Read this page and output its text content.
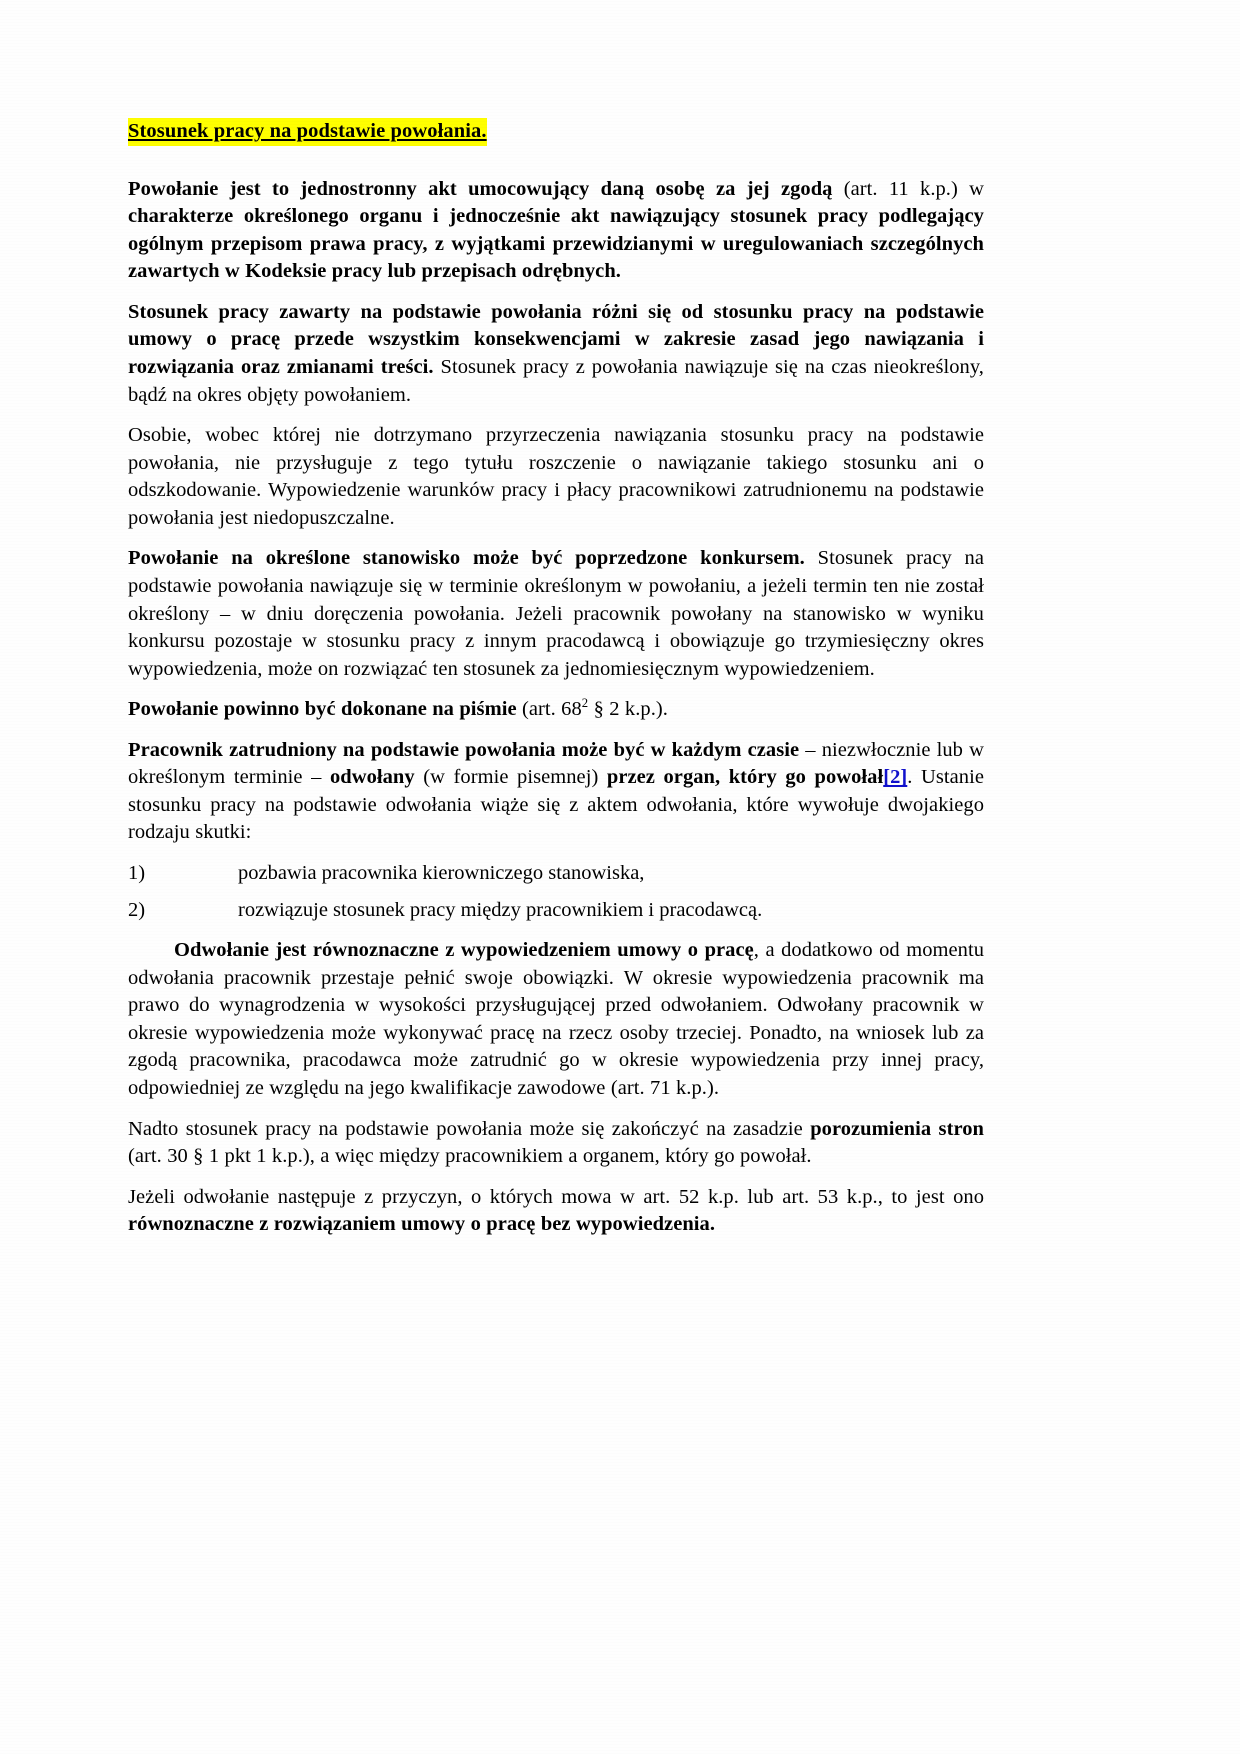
Stosunek pracy na podstawie powołania.

Powołanie jest to jednostronny akt umocowujący daną osobę za jej zgodą (art. 11 k.p.) w charakterze określonego organu i jednocześnie akt nawiązujący stosunek pracy podlegający ogólnym przepisom prawa pracy, z wyjątkami przewidzianymi w uregulowaniach szczególnych zawartych w Kodeksie pracy lub przepisach odrębnych.

Stosunek pracy zawarty na podstawie powołania różni się od stosunku pracy na podstawie umowy o pracę przede wszystkim konsekwencjami w zakresie zasad jego nawiązania i rozwiązania oraz zmianami treści. Stosunek pracy z powołania nawiązuje się na czas nieokreślony, bądź na okres objęty powołaniem.

Osobie, wobec której nie dotrzymano przyrzeczenia nawiązania stosunku pracy na podstawie powołania, nie przysługuje z tego tytułu roszczenie o nawiązanie takiego stosunku ani o odszkodowanie. Wypowiedzenie warunków pracy i płacy pracownikowi zatrudnionemu na podstawie powołania jest niedopuszczalne.

Powołanie na określone stanowisko może być poprzedzone konkursem. Stosunek pracy na podstawie powołania nawiązuje się w terminie określonym w powołaniu, a jeżeli termin ten nie został określony – w dniu doręczenia powołania. Jeżeli pracownik powołany na stanowisko w wyniku konkursu pozostaje w stosunku pracy z innym pracodawcą i obowiązuje go trzymiesięczny okres wypowiedzenia, może on rozwiązać ten stosunek za jednomiesięcznym wypowiedzeniem.

Powołanie powinno być dokonane na piśmie (art. $68^2$ § 2 k.p.).

Pracownik zatrudniony na podstawie powołania może być w każdym czasie – niezwłocznie lub w określonym terminie – odwołany (w formie pisemnej) przez organ, który go powołał[2]. Ustanie stosunku pracy na podstawie odwołania wiąże się z aktem odwołania, które wywołuje dwojakiego rodzaju skutki:

1)	pozbawia pracownika kierowniczego stanowiska,
2)	rozwiązuje stosunek pracy między pracownikiem i pracodawcą.

Odwołanie jest równoznaczne z wypowiedzeniem umowy o pracę, a dodatkowo od momentu odwołania pracownik przestaje pełnić swoje obowiązki. W okresie wypowiedzenia pracownik ma prawo do wynagrodzenia w wysokości przysługującej przed odwołaniem. Odwołany pracownik w okresie wypowiedzenia może wykonywać pracę na rzecz osoby trzeciej. Ponadto, na wniosek lub za zgodą pracownika, pracodawca może zatrudnić go w okresie wypowiedzenia przy innej pracy, odpowiedniej ze względu na jego kwalifikacje zawodowe (art. 71 k.p.).

Nadto stosunek pracy na podstawie powołania może się zakończyć na zasadzie porozumienia stron (art. 30 § 1 pkt 1 k.p.), a więc między pracownikiem a organem, który go powołał.

Jeżeli odwołanie następuje z przyczyn, o których mowa w art. 52 k.p. lub art. 53 k.p., to jest ono równoznaczne z rozwiązaniem umowy o pracę bez wypowiedzenia.
